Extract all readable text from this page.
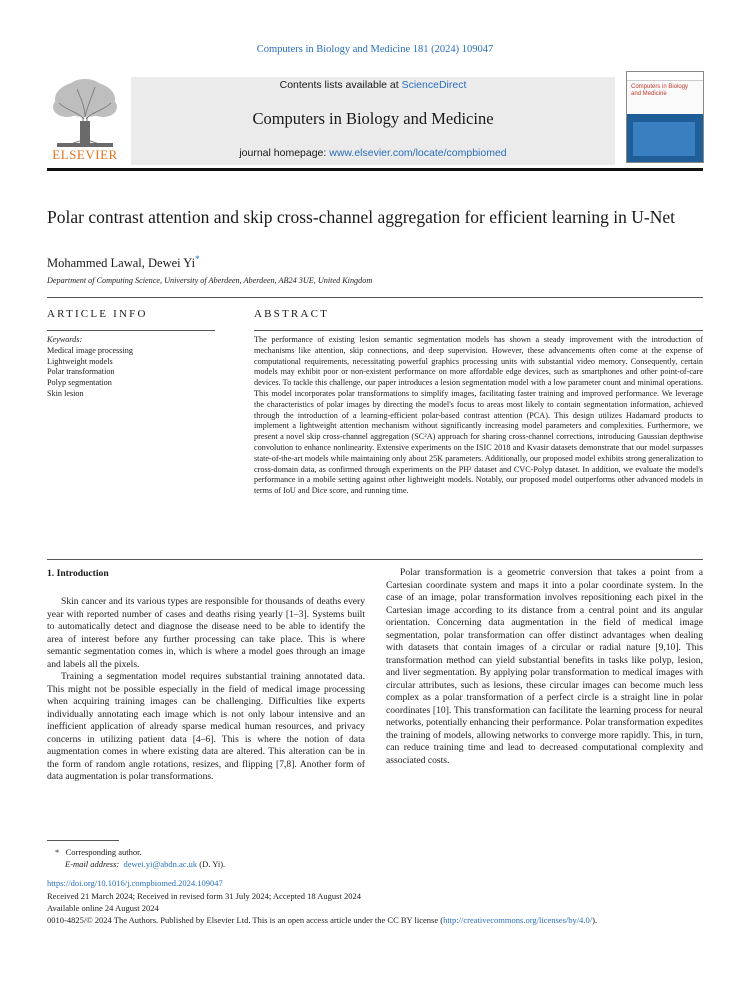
Computers in Biology and Medicine 181 (2024) 109047
ELSEVIER
Contents lists available at ScienceDirect
Computers in Biology and Medicine
journal homepage: www.elsevier.com/locate/compbiomed
Computers in Biology and Medicine
Polar contrast attention and skip cross-channel aggregation for efficient learning in U-Net
Mohammed Lawal, Dewei Yi*
Department of Computing Science, University of Aberdeen, Aberdeen, AB24 3UE, United Kingdom
ARTICLE INFO	ABSTRACT
Keywords:
Medical image processing
Lightweight models
Polar transformation
Polyp segmentation
Skin lesion

The performance of existing lesion semantic segmentation models has shown a steady improvement with the introduction of mechanisms like attention, skip connections, and deep supervision. However, these advancements often come at the expense of computational requirements, necessitating powerful graphics processing units with substantial video memory. Consequently, certain models may exhibit poor or non-existent performance on more affordable edge devices, such as smartphones and other point-of-care devices. To tackle this challenge, our paper introduces a lesion segmentation model with a low parameter count and minimal operations. This model incorporates polar transformations to simplify images, facilitating faster training and improved performance. We leverage the characteristics of polar images by directing the model's focus to areas most likely to contain segmentation information, achieved through the introduction of a learning-efficient polar-based contrast attention (PCA). This design utilizes Hadamard products to implement a lightweight attention mechanism without significantly increasing model parameters and complexities. Furthermore, we present a novel skip cross-channel aggregation (SC²A) approach for sharing cross-channel corrections, introducing Gaussian depthwise convolution to enhance nonlinearity. Extensive experiments on the ISIC 2018 and Kvasir datasets demonstrate that our model surpasses state-of-the-art models while maintaining only about 25K parameters. Additionally, our proposed model exhibits strong generalization to cross-domain data, as confirmed through experiments on the PH² dataset and CVC-Polyp dataset. In addition, we evaluate the model's performance in a mobile setting against other lightweight models. Notably, our proposed model outperforms other advanced models in terms of IoU and Dice score, and running time.

1. Introduction

Skin cancer and its various types are responsible for thousands of deaths every year with reported number of cases and deaths rising yearly [1–3]. Systems built to automatically detect and diagnose the disease need to be able to identify the area of interest before any further processing can take place. This is where semantic segmentation comes in, which is where a model goes through an image and labels all the pixels.

Training a segmentation model requires substantial training annotated data. This might not be possible especially in the field of medical image processing when acquiring training images can be challenging. Difficulties like experts individually annotating each image which is not only labour intensive and an inefficient application of already sparse medical human resources, and privacy concerns in utilizing patient data [4–6]. This is where the notion of data augmentation comes in where existing data are altered. This alteration can be in the form of random angle rotations, resizes, and flipping [7,8]. Another form of data augmentation is polar transformations.

Polar transformation is a geometric conversion that takes a point from a Cartesian coordinate system and maps it into a polar coordinate system. In the case of an image, polar transformation involves repositioning each pixel in the Cartesian image according to its distance from a central point and its angular orientation. Concerning data augmentation in the field of medical image segmentation, polar transformation can offer distinct advantages when dealing with datasets that contain images of a circular or radial nature [9,10]. This transformation method can yield substantial benefits in tasks like polyp, lesion, and liver segmentation. By applying polar transformation to medical images with circular attributes, such as lesions, these circular images can become much less complex as a polar transformation of a perfect circle is a straight line in polar coordinates [10]. This transformation can facilitate the learning process for neural networks, potentially enhancing their performance. Polar transformation expedites the training of models, allowing networks to converge more rapidly. This, in turn, can reduce training time and lead to decreased computational complexity and associated costs.

* Corresponding author.
E-mail address: dewei.yi@abdn.ac.uk (D. Yi).
https://doi.org/10.1016/j.compbiomed.2024.109047
Received 21 March 2024; Received in revised form 31 July 2024; Accepted 18 August 2024
Available online 24 August 2024
0010-4825/© 2024 The Authors. Published by Elsevier Ltd. This is an open access article under the CC BY license (http://creativecommons.org/licenses/by/4.0/).
